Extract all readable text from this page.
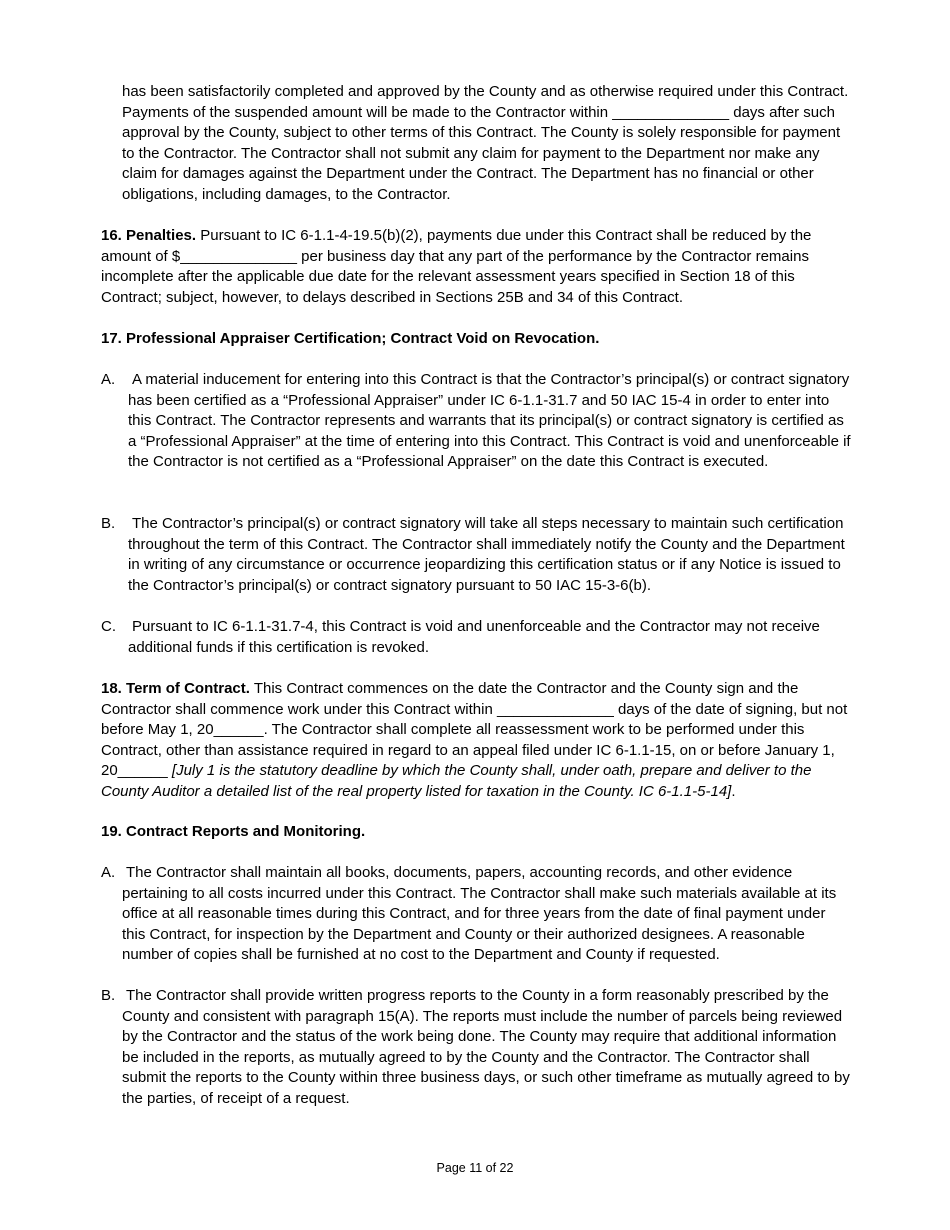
has been satisfactorily completed and approved by the County and as otherwise required under this Contract. Payments of the suspended amount will be made to the Contractor within ______________ days after such approval by the County, subject to other terms of this Contract. The County is solely responsible for payment to the Contractor. The Contractor shall not submit any claim for payment to the Department nor make any claim for damages against the Department under the Contract. The Department has no financial or other obligations, including damages, to the Contractor.

16. Penalties. Pursuant to IC 6-1.1-4-19.5(b)(2), payments due under this Contract shall be reduced by the amount of $______________ per business day that any part of the performance by the Contractor remains incomplete after the applicable due date for the relevant assessment years specified in Section 18 of this Contract; subject, however, to delays described in Sections 25B and 34 of this Contract.

17. Professional Appraiser Certification; Contract Void on Revocation.

A.	A material inducement for entering into this Contract is that the Contractor’s principal(s) or contract signatory has been certified as a “Professional Appraiser” under IC 6-1.1-31.7 and 50 IAC 15-4 in order to enter into this Contract. The Contractor represents and warrants that its principal(s) or contract signatory is certified as a “Professional Appraiser” at the time of entering into this Contract. This Contract is void and unenforceable if the Contractor is not certified as a “Professional Appraiser” on the date this Contract is executed.

B.	The Contractor’s principal(s) or contract signatory will take all steps necessary to maintain such certification throughout the term of this Contract. The Contractor shall immediately notify the County and the Department in writing of any circumstance or occurrence jeopardizing this certification status or if any Notice is issued to the Contractor’s principal(s) or contract signatory pursuant to 50 IAC 15-3-6(b).

C.	Pursuant to IC 6-1.1-31.7-4, this Contract is void and unenforceable and the Contractor may not receive additional funds if this certification is revoked.

18. Term of Contract. This Contract commences on the date the Contractor and the County sign and the Contractor shall commence work under this Contract within ______________ days of the date of signing, but not before May 1, 20______. The Contractor shall complete all reassessment work to be performed under this Contract, other than assistance required in regard to an appeal filed under IC 6-1.1-15, on or before January 1, 20______ [July 1 is the statutory deadline by which the County shall, under oath, prepare and deliver to the County Auditor a detailed list of the real property listed for taxation in the County. IC 6-1.1-5-14].

19. Contract Reports and Monitoring.

A. The Contractor shall maintain all books, documents, papers, accounting records, and other evidence pertaining to all costs incurred under this Contract. The Contractor shall make such materials available at its office at all reasonable times during this Contract, and for three years from the date of final payment under this Contract, for inspection by the Department and County or their authorized designees. A reasonable number of copies shall be furnished at no cost to the Department and County if requested.

B. The Contractor shall provide written progress reports to the County in a form reasonably prescribed by the County and consistent with paragraph 15(A). The reports must include the number of parcels being reviewed by the Contractor and the status of the work being done. The County may require that additional information be included in the reports, as mutually agreed to by the County and the Contractor. The Contractor shall submit the reports to the County within three business days, or such other timeframe as mutually agreed to by the parties, of receipt of a request.

Page 11 of 22
